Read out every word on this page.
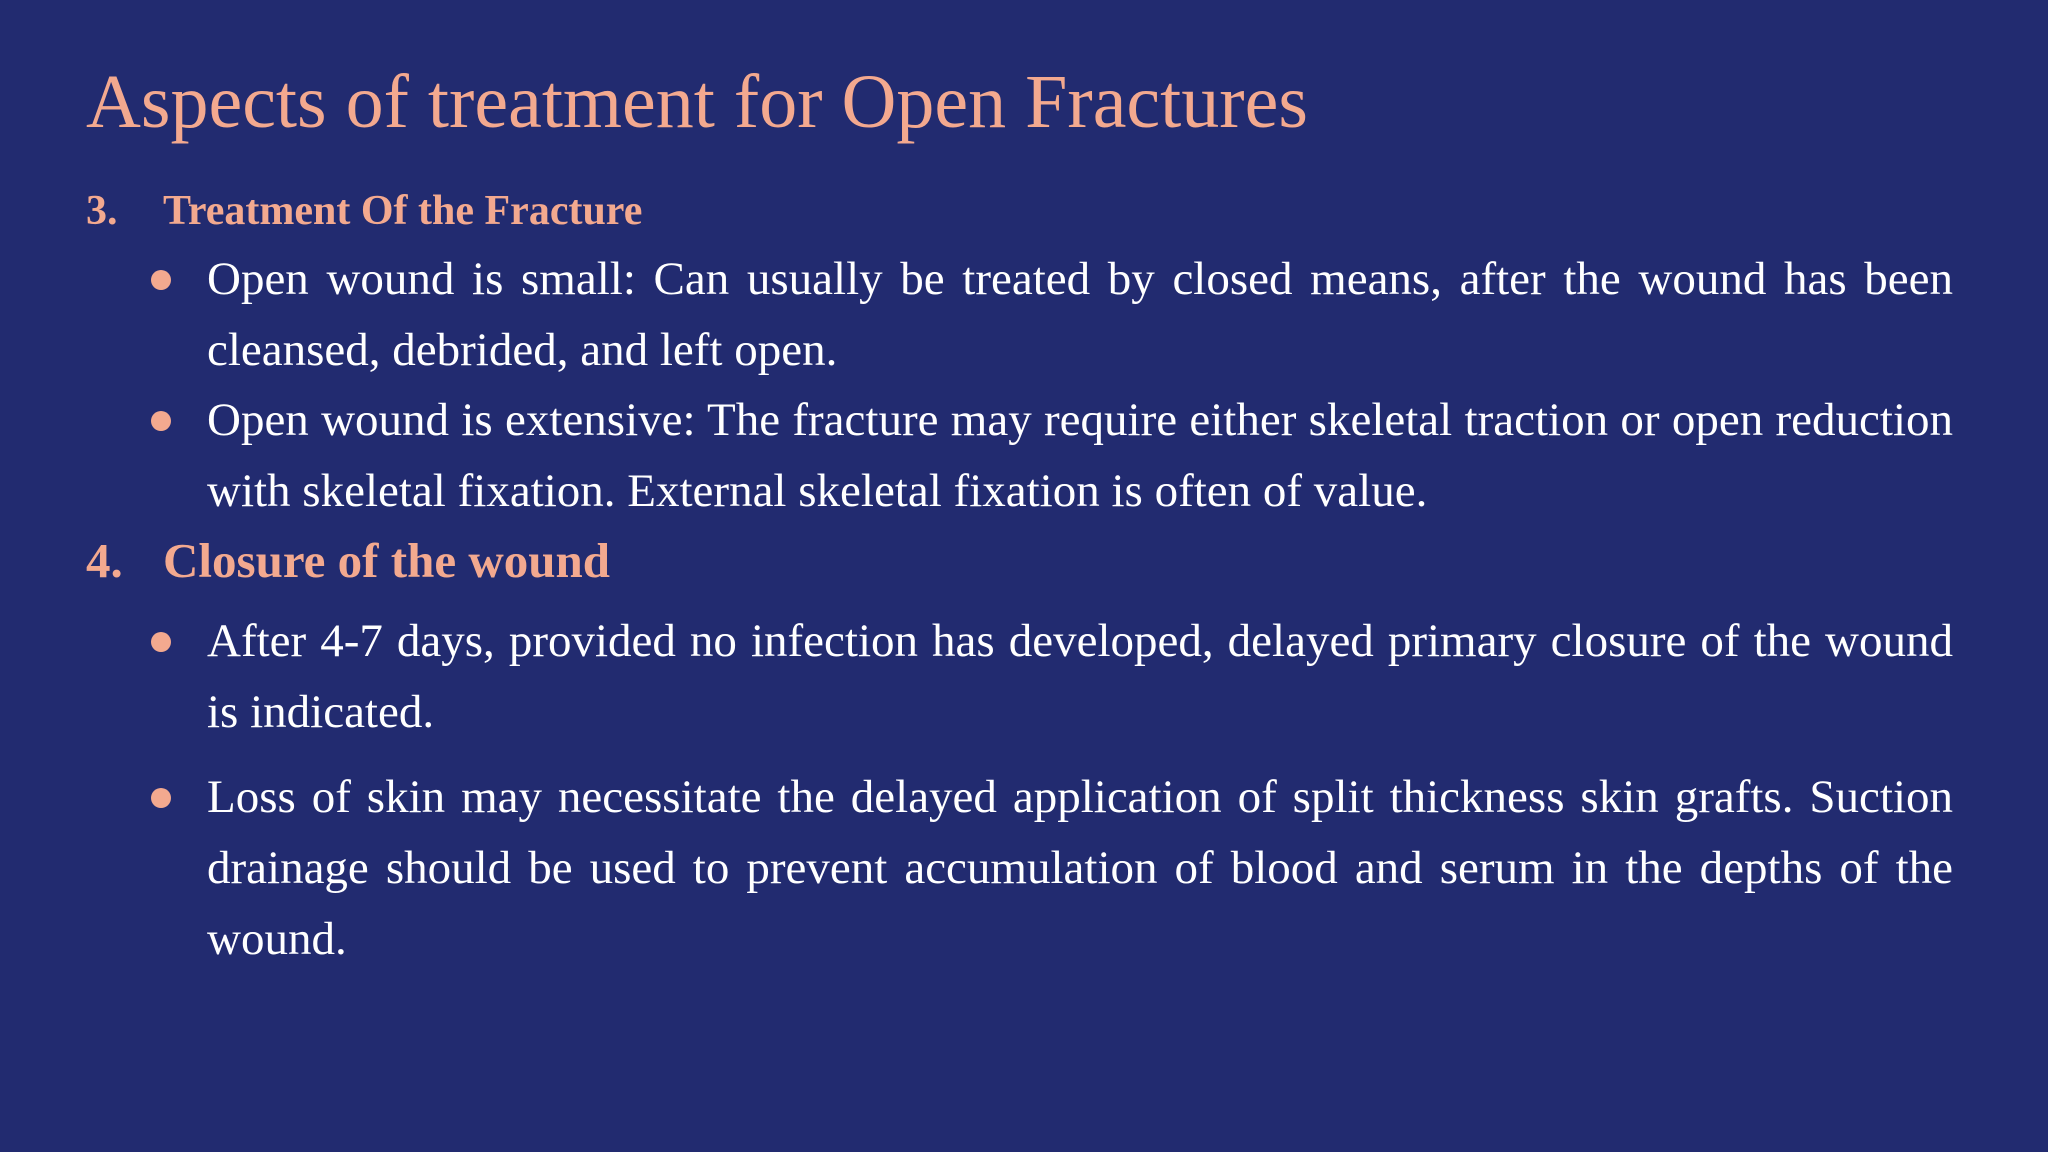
Aspects of treatment for Open Fractures
3. Treatment Of the Fracture
Open wound is small: Can usually be treated by closed means, after the wound has been cleansed, debrided, and left open.
Open wound is extensive: The fracture may require either skeletal traction or open reduction with skeletal fixation. External skeletal fixation is often of value.
4. Closure of the wound
After 4-7 days, provided no infection has developed, delayed primary closure of the wound is indicated.
Loss of skin may necessitate the delayed application of split thickness skin grafts. Suction drainage should be used to prevent accumulation of blood and serum in the depths of the wound.
